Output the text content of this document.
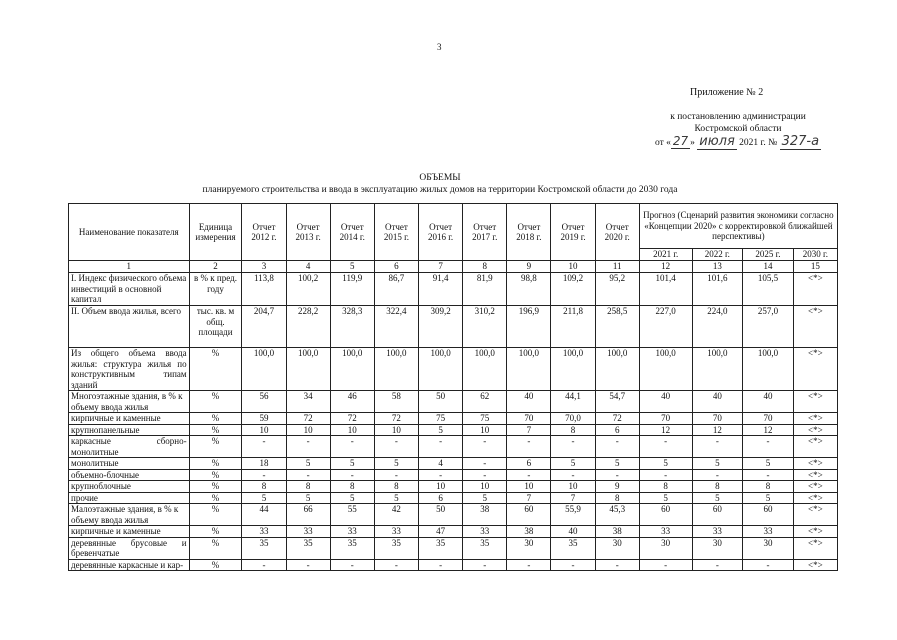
3
Приложение № 2
к постановлению администрации
Костромской области
от « 27 » июля 2021 г. № 327-а
ОБЪЕМЫ
планируемого строительства и ввода в эксплуатацию жилых домов на территории Костромской области до 2030 года
Наименование показателя	Единица измерения	Отчет 2012 г.	Отчет 2013 г.	Отчет 2014 г.	Отчет 2015 г.	Отчет 2016 г.	Отчет 2017 г.	Отчет 2018 г.	Отчет 2019 г.	Отчет 2020 г.	Прогноз (Сценарий развития экономики согласно «Концепции 2020» с корректировкой ближайшей перспективы)			
											2021 г.	2022 г.	2025 г.	2030 г.
1	2	3	4	5	6	7	8	9	10	11	12	13	14	15
I. Индекс физического объема инвестиций в основной капитал	в % к пред. году	113,8	100,2	119,9	86,7	91,4	81,9	98,8	109,2	95,2	101,4	101,6	105,5	<*>
II. Объем ввода жилья, всего	тыс. кв. м общ. площади	204,7	228,2	328,3	322,4	309,2	310,2	196,9	211,8	258,5	227,0	224,0	257,0	<*>
Из общего объема ввода жилья: структура жилья по конструктивным типам зданий	%	100,0	100,0	100,0	100,0	100,0	100,0	100,0	100,0	100,0	100,0	100,0	100,0	<*>
Многоэтажные здания, в % к объему ввода жилья	%	56	34	46	58	50	62	40	44,1	54,7	40	40	40	<*>
кирпичные и каменные	%	59	72	72	72	75	75	70	70,0	72	70	70	70	<*>
крупнопанельные	%	10	10	10	10	5	10	7	8	6	12	12	12	<*>
каркасные сборно-монолитные	%	-	-	-	-	-	-	-	-	-	-	-	-	<*>
монолитные	%	18	5	5	5	4	-	6	5	5	5	5	5	<*>
объемно-блочные	%	-	-	-	-	-	-	-	-	-	-	-	-	<*>
крупноблочные	%	8	8	8	8	10	10	10	10	9	8	8	8	<*>
прочие	%	5	5	5	5	6	5	7	7	8	5	5	5	<*>
Малоэтажные здания, в % к объему ввода жилья	%	44	66	55	42	50	38	60	55,9	45,3	60	60	60	<*>
кирпичные и каменные	%	33	33	33	33	47	33	38	40	38	33	33	33	<*>
деревянные брусовые и бревенчатые	%	35	35	35	35	35	35	30	35	30	30	30	30	<*>
деревянные каркасные и кар-	%	-	-	-	-	-	-	-	-	-	-	-	-	<*>
